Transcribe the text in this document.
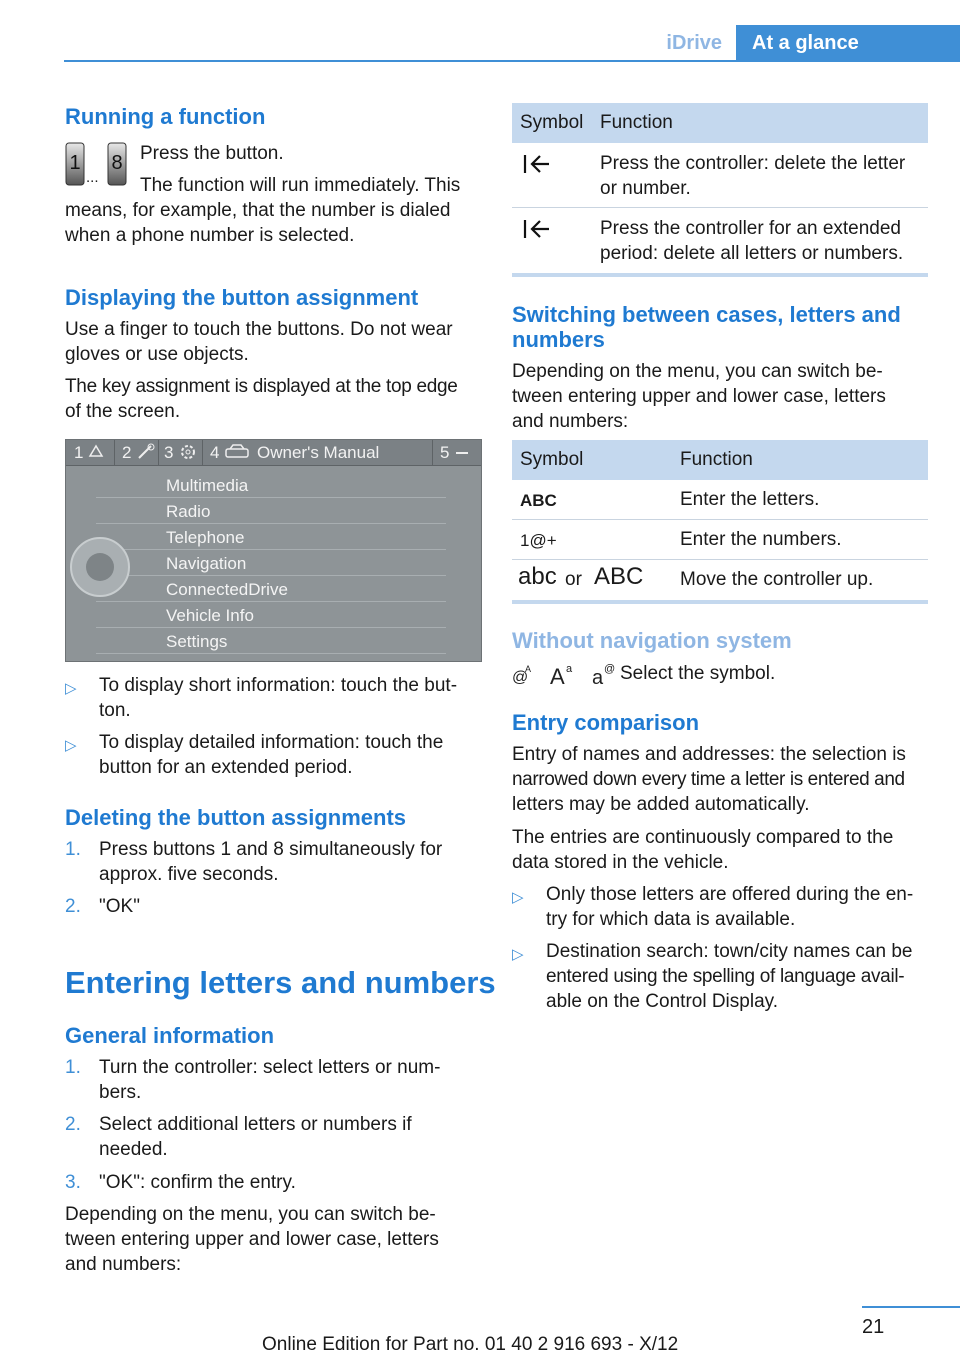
iDrive	At a glance
Running a function
1 8
...
Press the button.
The function will run immediately. This
means, for example, that the number is dialed
when a phone number is selected.
Displaying the button assignment
Use a finger to touch the buttons. Do not wear
gloves or use objects.
The key assignment is displayed at the top edge
of the screen.
1 2 3 4 Owner's Manual	5
Multimedia
Radio
Telephone
Navigation
ConnectedDrive
Vehicle Info
Settings
▷	To display short information: touch the but-
ton.
▷	To display detailed information: touch the
button for an extended period.
Deleting the button assignments
1. Press buttons 1 and 8 simultaneously for
approx. five seconds.
2. "OK"
Entering letters and numbers
General information
1. Turn the controller: select letters or num-
bers.
2. Select additional letters or numbers if
needed.
3. "OK": confirm the entry.
Depending on the menu, you can switch be-
tween entering upper and lower case, letters
and numbers:
Symbol Function
Press the controller: delete the letter
or number.
Press the controller for an extended
period: delete all letters or numbers.
Switching between cases, letters and
numbers
Depending on the menu, you can switch be-
tween entering upper and lower case, letters
and numbers:
Symbol	Function
ABC	Enter the letters.
1@+	Enter the numbers.
abc or ABC Move the controller up.
Without navigation system
@
A A a a @ Select the symbol.
Entry comparison
Entry of names and addresses: the selection is
narrowed down every time a letter is entered and
letters may be added automatically.
The entries are continuously compared to the
data stored in the vehicle.
▷	Only those letters are offered during the en-
try for which data is available.
▷	Destination search: town/city names can be
entered using the spelling of language avail-
able on the Control Display.
21
Online Edition for Part no. 01 40 2 916 693 - X/12
